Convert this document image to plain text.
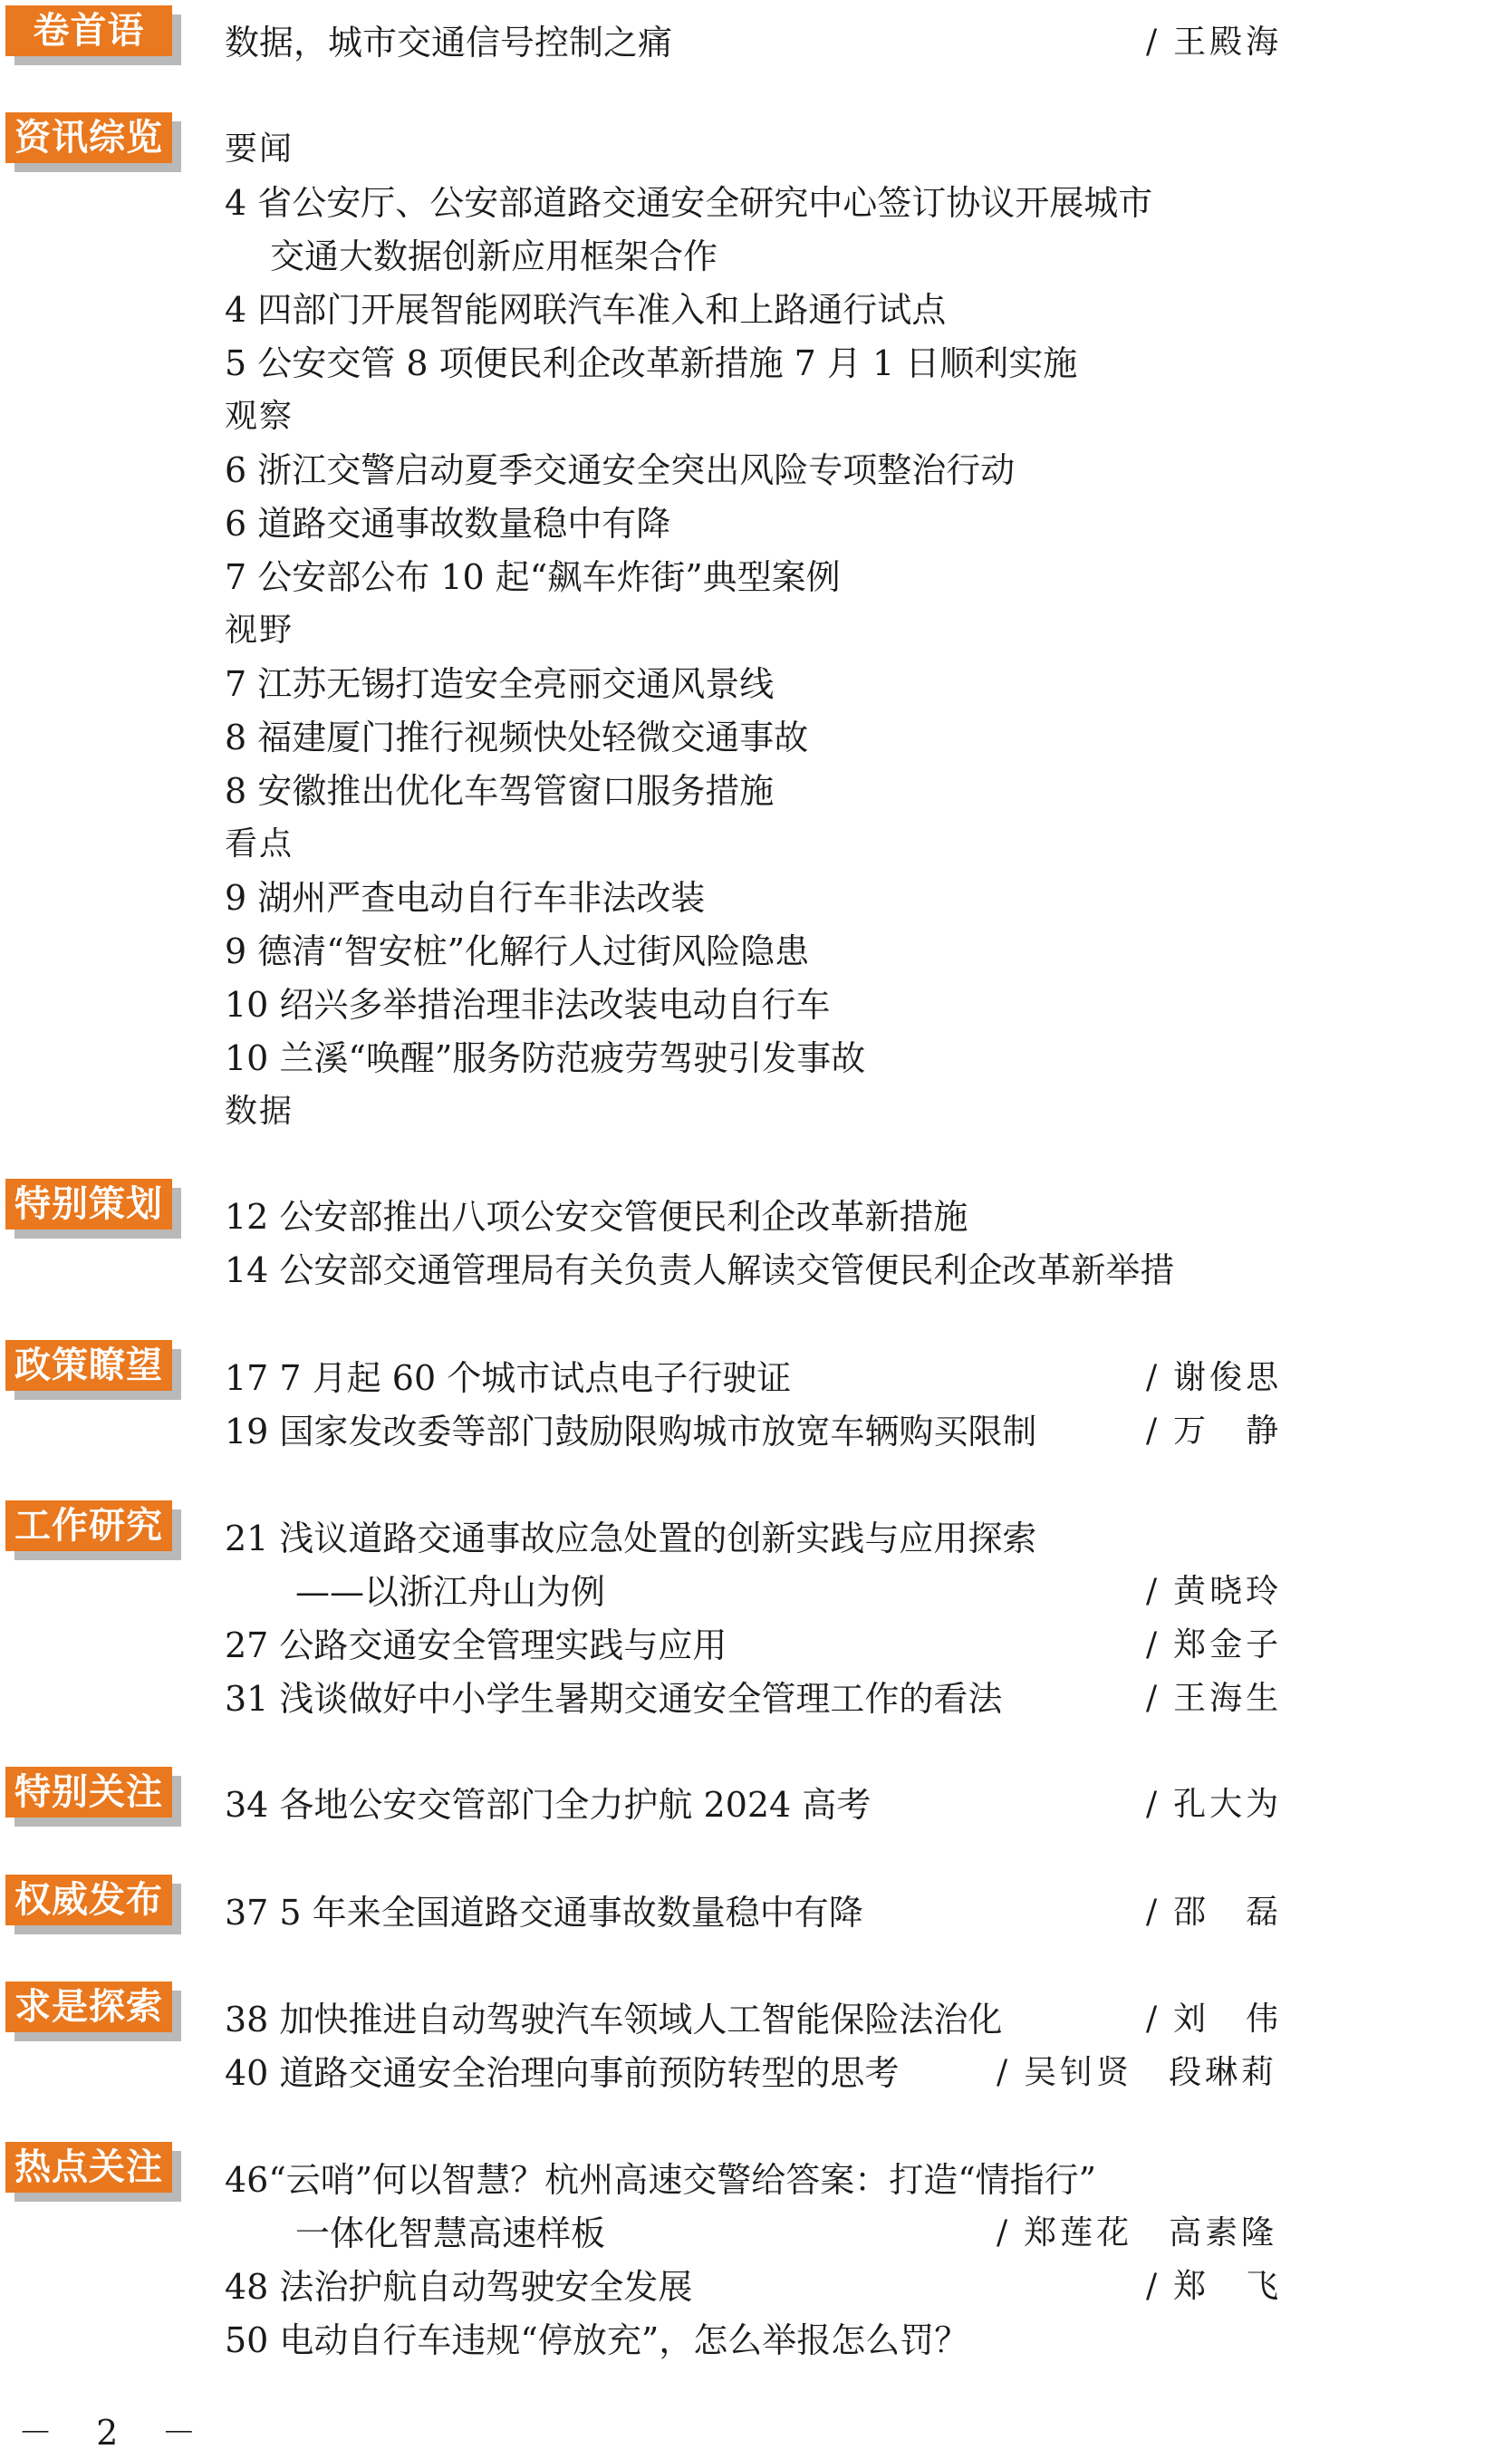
卷首语	数据，城市交通信号控制之痛	/ 王殿海
资讯综览 要闻
4 省公安厅、公安部道路交通安全研究中心签订协议开展城市
交通大数据创新应用框架合作
4 四部门开展智能网联汽车准入和上路通行试点
5 公安交管 8 项便民利企改革新措施 7 月 1 日顺利实施
观察
6 浙江交警启动夏季交通安全突出风险专项整治行动
6 道路交通事故数量稳中有降
7 公安部公布 10 起“飙车炸街”典型案例
视野
7 江苏无锡打造安全亮丽交通风景线
8 福建厦门推行视频快处轻微交通事故
8 安徽推出优化车驾管窗口服务措施
看点
9 湖州严查电动自行车非法改装
9 德清“智安桩”化解行人过街风险隐患
10 绍兴多举措治理非法改装电动自行车
10 兰溪“唤醒”服务防范疲劳驾驶引发事故
数据
特别策划 12 公安部推出八项公安交管便民利企改革新措施
14 公安部交通管理局有关负责人解读交管便民利企改革新举措
政策瞭望 17 7 月起 60 个城市试点电子行驶证	/ 谢俊思
19 国家发改委等部门鼓励限购城市放宽车辆购买限制	/ 万　静
工作研究 21 浅议道路交通事故应急处置的创新实践与应用探索
——以浙江舟山为例	/ 黄晓玲
27 公路交通安全管理实践与应用	/ 郑金子
31 浅谈做好中小学生暑期交通安全管理工作的看法	/ 王海生
特别关注 34 各地公安交管部门全力护航 2024 高考	/ 孔大为
权威发布 37 5 年来全国道路交通事故数量稳中有降	/ 邵　磊
求是探索 38 加快推进自动驾驶汽车领域人工智能保险法治化	/ 刘　伟
40 道路交通安全治理向事前预防转型的思考	/ 吴钊贤 段琳莉
热点关注 46“云哨”何以智慧？杭州高速交警给答案：打造“情指行”
一体化智慧高速样板	/ 郑莲花 高素隆
48 法治护航自动驾驶安全发展	/ 郑　飞
50 电动自行车违规“停放充”，怎么举报怎么罚？
－ 2 －
